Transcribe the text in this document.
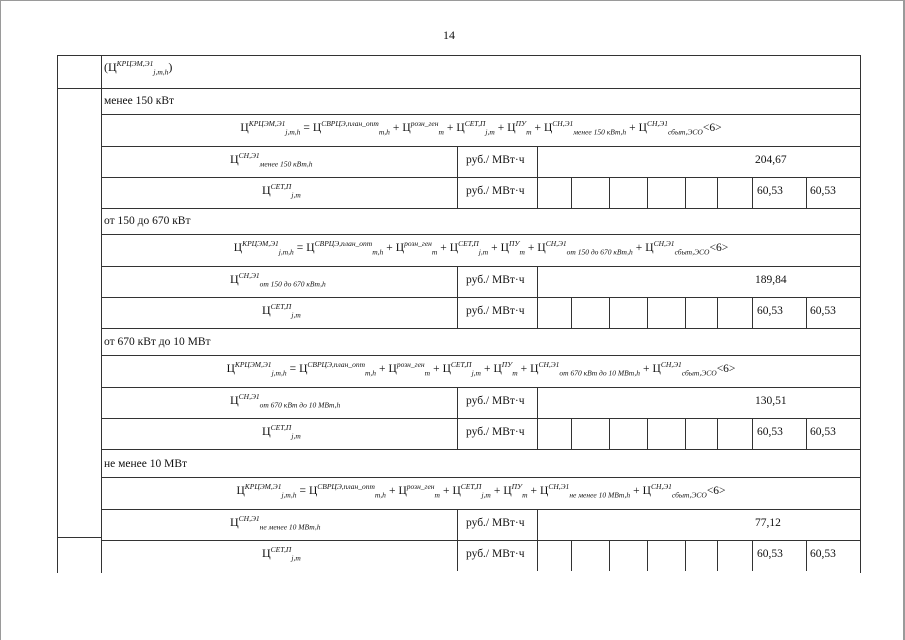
14
$(Ц^{КРЦЭМ,Э1}_{j,m,h})$
менее 150 кВт
$Ц^{КРЦЭМ,Э1}_{j,m,h} = Ц^{СВРЦЭ,план\_опт}_{m,h} + Ц^{розн\_ген}_m + Ц^{СЕТ,П}_{j,m} + Ц^{ПУ}_m + Ц^{СН,Э1}_{менее 150 кВт,h} + Ц^{СН,Э1}_{сбыт,ЭСО}<6>$
$Ц^{СН,Э1}_{менее 150 кВт,h}$	руб./ МВт·ч	204,67
$Ц^{СЕТ,П}_{j,m}$	руб./ МВт·ч	60,53 60,53
от 150 до 670 кВт
$Ц^{КРЦЭМ,Э1}_{j,m,h} = Ц^{СВРЦЭ,план\_опт}_{m,h} + Ц^{розн\_ген}_m + Ц^{СЕТ,П}_{j,m} + Ц^{ПУ}_m + Ц^{СН,Э1}_{от 150 до 670 кВт,h} + Ц^{СН,Э1}_{сбыт,ЭСО}<6>$
$Ц^{СН,Э1}_{от 150 до 670 кВт,h}$	руб./ МВт·ч	189,84
$Ц^{СЕТ,П}_{j,m}$	руб./ МВт·ч	60,53 60,53
от 670 кВт до 10 МВт
$Ц^{КРЦЭМ,Э1}_{j,m,h} = Ц^{СВРЦЭ,план\_опт}_{m,h} + Ц^{розн\_ген}_m + Ц^{СЕТ,П}_{j,m} + Ц^{ПУ}_m + Ц^{СН,Э1}_{от 670 кВт до 10 МВт,h} + Ц^{СН,Э1}_{сбыт,ЭСО}<6>$
$Ц^{СН,Э1}_{от 670 кВт до 10 МВт,h}$	руб./ МВт·ч	130,51
$Ц^{СЕТ,П}_{j,m}$	руб./ МВт·ч	60,53 60,53
не менее 10 МВт
$Ц^{КРЦЭМ,Э1}_{j,m,h} = Ц^{СВРЦЭ,план\_опт}_{m,h} + Ц^{розн\_ген}_m + Ц^{СЕТ,П}_{j,m} + Ц^{ПУ}_m + Ц^{СН,Э1}_{не менее 10 МВт,h} + Ц^{СН,Э1}_{сбыт,ЭСО}<6>$
$Ц^{СН,Э1}_{не менее 10 МВт,h}$	руб./ МВт·ч	77,12
$Ц^{СЕТ,П}_{j,m}$	руб./ МВт·ч	60,53 60,53
